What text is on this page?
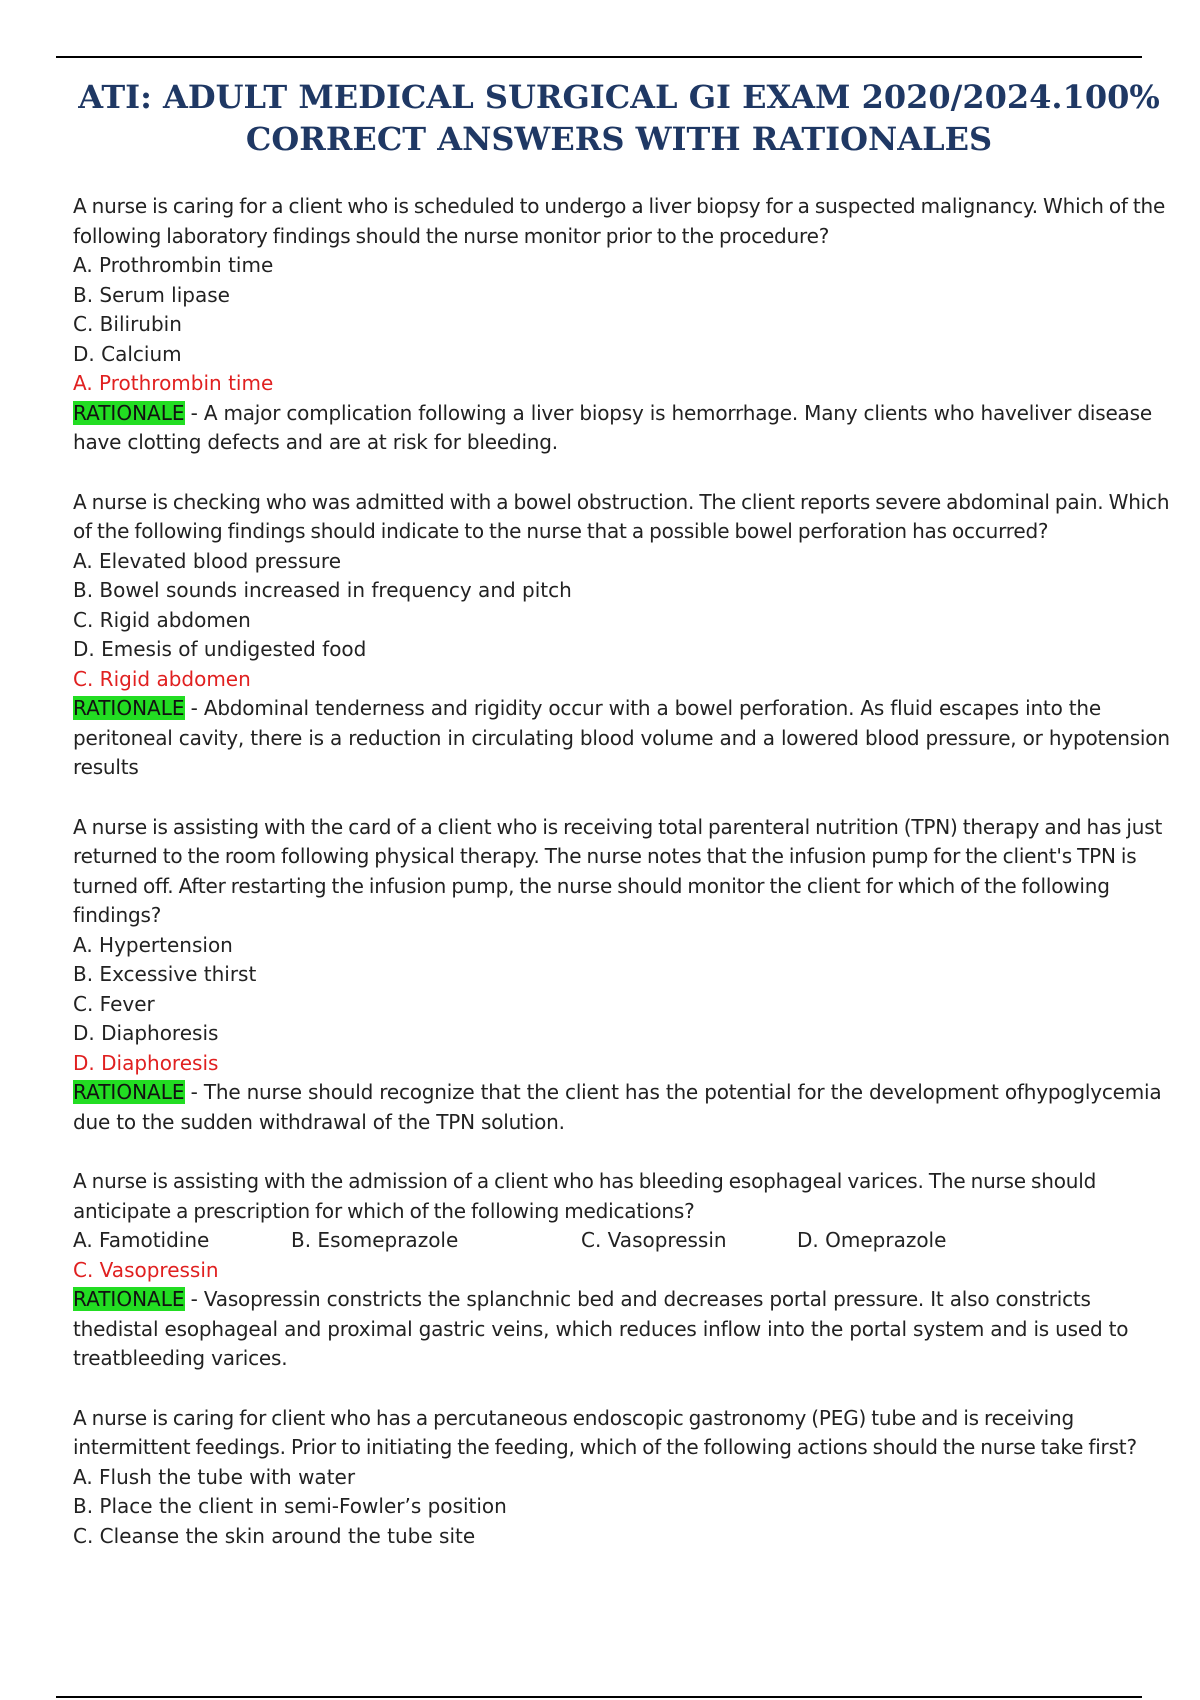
ATI: ADULT MEDICAL SURGICAL GI EXAM 2020/2024.100%
CORRECT ANSWERS WITH RATIONALES

A nurse is caring for a client who is scheduled to undergo a liver biopsy for a suspected malignancy. Which of the following laboratory findings should the nurse monitor prior to the procedure?

A. Prothrombin time

B. Serum lipase

C. Bilirubin

D. Calcium

A. Prothrombin time

RATIONALE - A major complication following a liver biopsy is hemorrhage. Many clients who haveliver disease have clotting defects and are at risk for bleeding.

A nurse is checking who was admitted with a bowel obstruction. The client reports severe abdominal pain. Which of the following findings should indicate to the nurse that a possible bowel perforation has occurred?

A. Elevated blood pressure

B. Bowel sounds increased in frequency and pitch

C. Rigid abdomen

D. Emesis of undigested food

C. Rigid abdomen

RATIONALE - Abdominal tenderness and rigidity occur with a bowel perforation. As fluid escapes into the peritoneal cavity, there is a reduction in circulating blood volume and a lowered blood pressure, or hypotension results

A nurse is assisting with the card of a client who is receiving total parenteral nutrition (TPN) therapy and has just returned to the room following physical therapy. The nurse notes that the infusion pump for the client's TPN is turned off. After restarting the infusion pump, the nurse should monitor the client for which of the following findings?

A. Hypertension

B. Excessive thirst

C. Fever

D. Diaphoresis

D. Diaphoresis

RATIONALE - The nurse should recognize that the client has the potential for the development ofhypoglycemia due to the sudden withdrawal of the TPN solution.

A nurse is assisting with the admission of a client who has bleeding esophageal varices. The nurse should anticipate a prescription for which of the following medications?

A. Famotidine	B. Esomeprazole	C. Vasopressin	D. Omeprazole

C. Vasopressin

RATIONALE - Vasopressin constricts the splanchnic bed and decreases portal pressure. It also constricts thedistal esophageal and proximal gastric veins, which reduces inflow into the portal system and is used to treatbleeding varices.

A nurse is caring for client who has a percutaneous endoscopic gastronomy (PEG) tube and is receiving intermittent feedings. Prior to initiating the feeding, which of the following actions should the nurse take first?

A. Flush the tube with water

B. Place the client in semi-Fowler’s position

C. Cleanse the skin around the tube site
